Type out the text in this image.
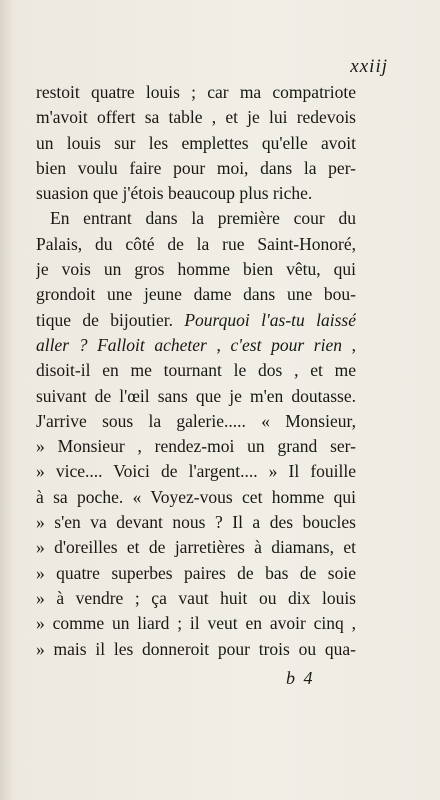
xxiij
restoit quatre louis ; car ma compatriote
m'avoit offert sa table , et je lui redevois
un louis sur les emplettes qu'elle avoit
bien voulu faire pour moi, dans la per-
suasion que j'étois beaucoup plus riche.
En entrant dans la première cour du
Palais, du côté de la rue Saint-Honoré,
je vois un gros homme bien vêtu, qui
grondoit une jeune dame dans une bou-
tique de bijoutier. Pourquoi l'as-tu laissé
aller ? Falloit acheter , c'est pour rien ,
disoit-il en me tournant le dos , et me
suivant de l'œil sans que je m'en doutasse.
J'arrive sous la galerie..... « Monsieur,
» Monsieur , rendez-moi un grand ser-
» vice.... Voici de l'argent.... » Il fouille
à sa poche. « Voyez-vous cet homme qui
» s'en va devant nous ? Il a des boucles
» d'oreilles et de jarretières à diamans, et
» quatre superbes paires de bas de soie
» à vendre ; ça vaut huit ou dix louis
» comme un liard ; il veut en avoir cinq ,
» mais il les donneroit pour trois ou qua-
b 4
